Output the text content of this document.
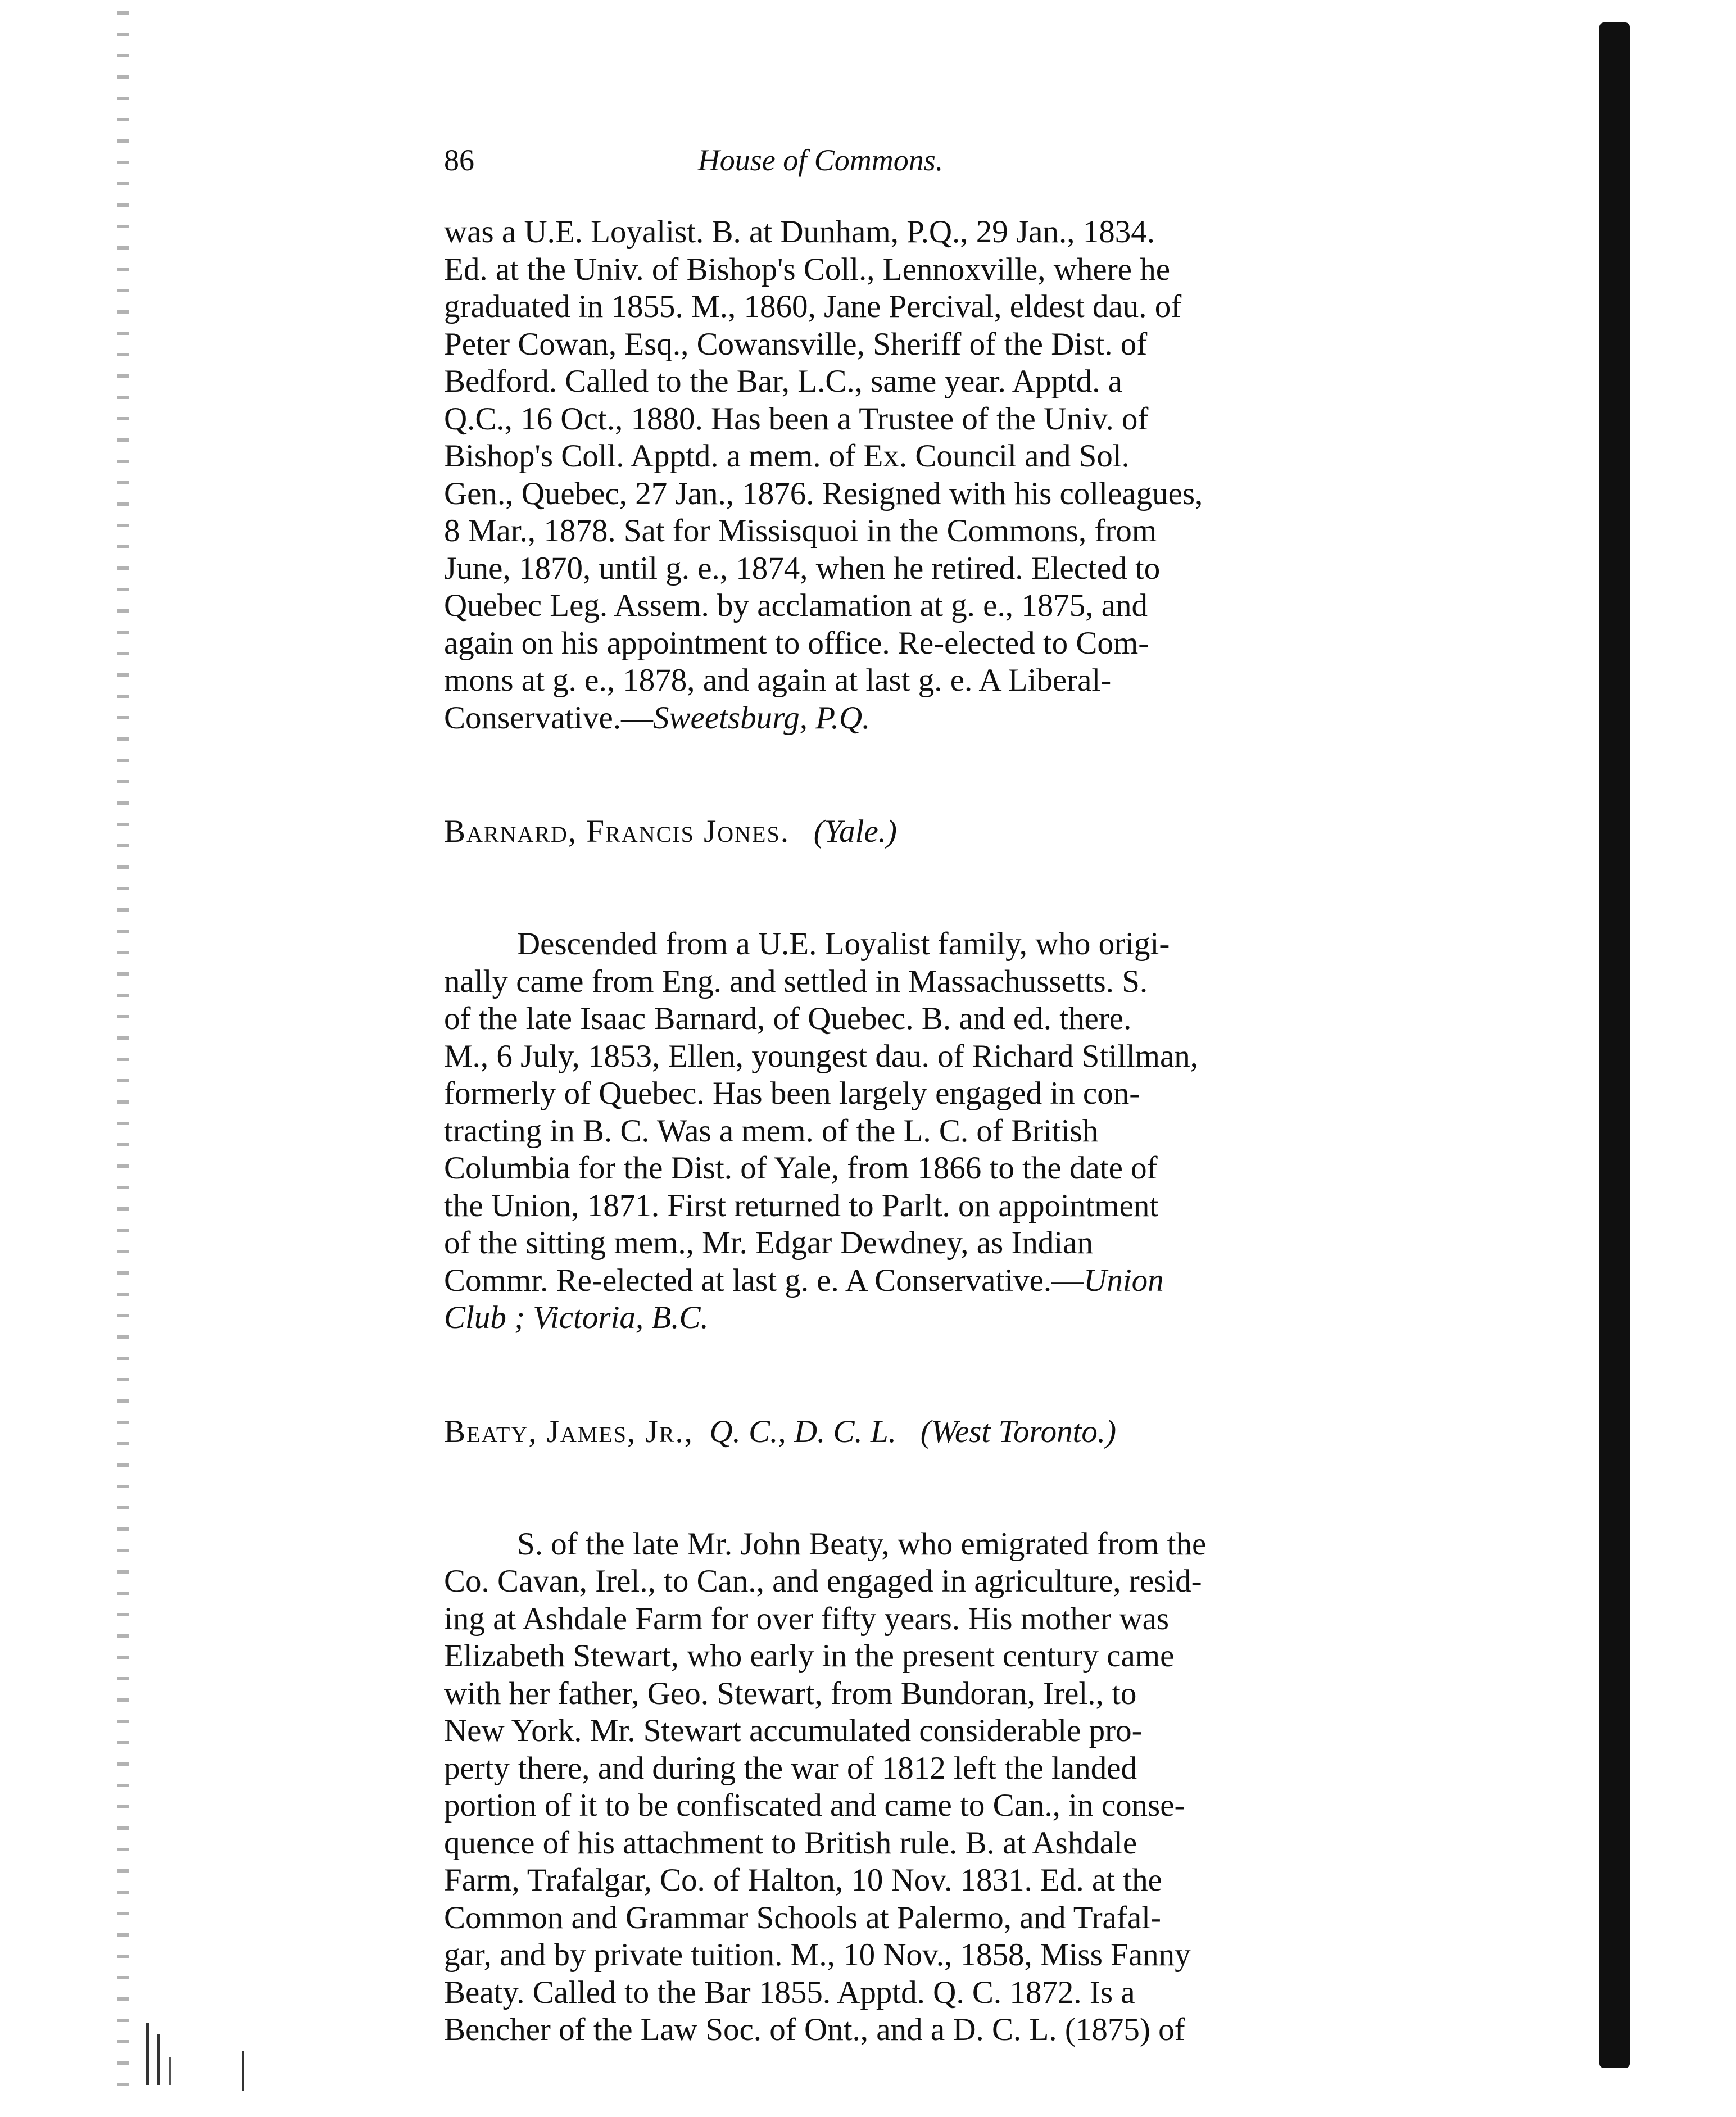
86	House of Commons.
was a U.E. Loyalist. B. at Dunham, P.Q., 29 Jan., 1834.
Ed. at the Univ. of Bishop's Coll., Lennoxville, where he
graduated in 1855. M., 1860, Jane Percival, eldest dau. of
Peter Cowan, Esq., Cowansville, Sheriff of the Dist. of
Bedford. Called to the Bar, L.C., same year. Apptd. a
Q.C., 16 Oct., 1880. Has been a Trustee of the Univ. of
Bishop's Coll. Apptd. a mem. of Ex. Council and Sol.
Gen., Quebec, 27 Jan., 1876. Resigned with his colleagues,
8 Mar., 1878. Sat for Missisquoi in the Commons, from
June, 1870, until g. e., 1874, when he retired. Elected to
Quebec Leg. Assem. by acclamation at g. e., 1875, and
again on his appointment to office. Re-elected to Com-
mons at g. e., 1878, and again at last g. e. A Liberal-
Conservative.—Sweetsburg, P.Q.
Barnard, Francis Jones. (Yale.)
Descended from a U.E. Loyalist family, who origi-
nally came from Eng. and settled in Massachussetts. S.
of the late Isaac Barnard, of Quebec. B. and ed. there.
M., 6 July, 1853, Ellen, youngest dau. of Richard Stillman,
formerly of Quebec. Has been largely engaged in con-
tracting in B. C. Was a mem. of the L. C. of British
Columbia for the Dist. of Yale, from 1866 to the date of
the Union, 1871. First returned to Parlt. on appointment
of the sitting mem., Mr. Edgar Dewdney, as Indian
Commr. Re-elected at last g. e. A Conservative.—Union
Club ; Victoria, B.C.
Beaty, James, Jr., Q. C., D. C. L. (West Toronto.)
S. of the late Mr. John Beaty, who emigrated from the
Co. Cavan, Irel., to Can., and engaged in agriculture, resid-
ing at Ashdale Farm for over fifty years. His mother was
Elizabeth Stewart, who early in the present century came
with her father, Geo. Stewart, from Bundoran, Irel., to
New York. Mr. Stewart accumulated considerable pro-
perty there, and during the war of 1812 left the landed
portion of it to be confiscated and came to Can., in conse-
quence of his attachment to British rule. B. at Ashdale
Farm, Trafalgar, Co. of Halton, 10 Nov. 1831. Ed. at the
Common and Grammar Schools at Palermo, and Trafal-
gar, and by private tuition. M., 10 Nov., 1858, Miss Fanny
Beaty. Called to the Bar 1855. Apptd. Q. C. 1872. Is a
Bencher of the Law Soc. of Ont., and a D. C. L. (1875) of
